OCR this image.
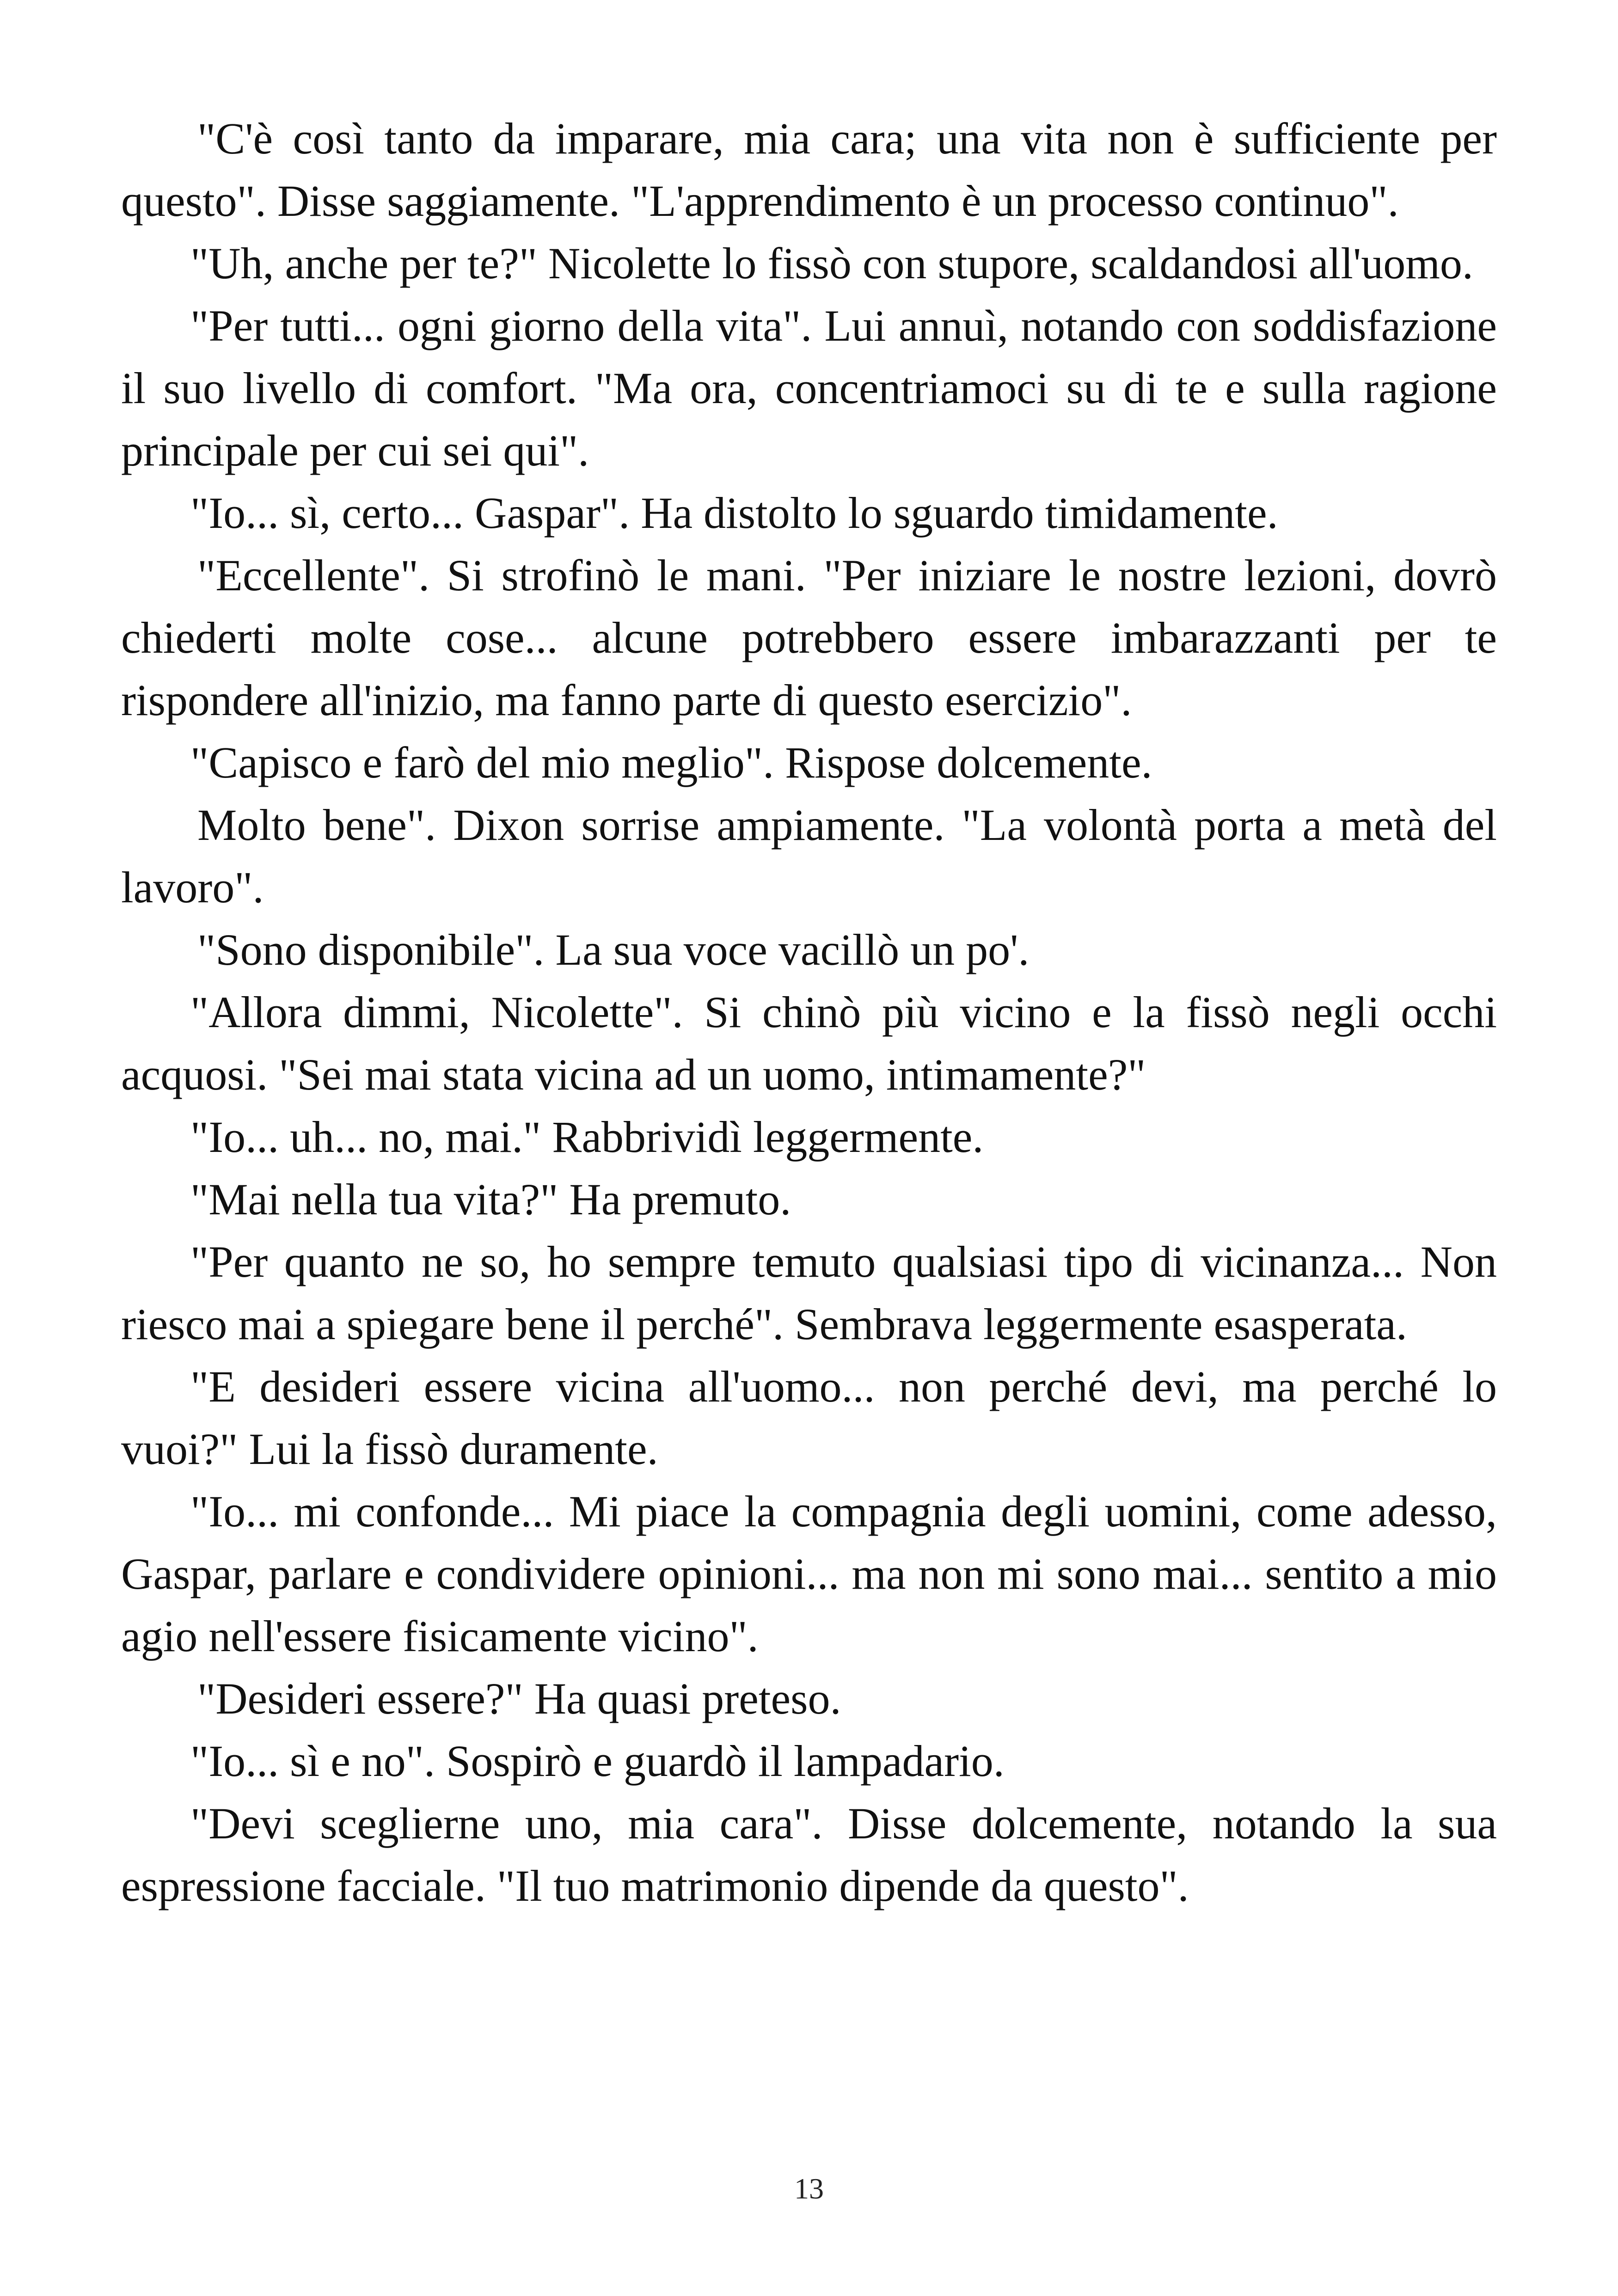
"C'è così tanto da imparare, mia cara; una vita non è sufficiente per questo". Disse saggiamente. "L'apprendimento è un processo continuo".

"Uh, anche per te?" Nicolette lo fissò con stupore, scaldandosi all'uomo.

"Per tutti... ogni giorno della vita". Lui annuì, notando con soddisfazione il suo livello di comfort. "Ma ora, concentriamoci su di te e sulla ragione principale per cui sei qui".

"Io... sì, certo... Gaspar". Ha distolto lo sguardo timidamente.

"Eccellente". Si strofinò le mani. "Per iniziare le nostre lezioni, dovrò chiederti molte cose... alcune potrebbero essere imbarazzanti per te rispondere all'inizio, ma fanno parte di questo esercizio".

"Capisco e farò del mio meglio". Rispose dolcemente.

Molto bene". Dixon sorrise ampiamente. "La volontà porta a metà del lavoro".

"Sono disponibile". La sua voce vacillò un po'.

"Allora dimmi, Nicolette". Si chinò più vicino e la fissò negli occhi acquosi. "Sei mai stata vicina ad un uomo, intimamente?"

"Io... uh... no, mai." Rabbrividì leggermente.

"Mai nella tua vita?" Ha premuto.

"Per quanto ne so, ho sempre temuto qualsiasi tipo di vicinanza... Non riesco mai a spiegare bene il perché". Sembrava leggermente esasperata.

"E desideri essere vicina all'uomo... non perché devi, ma perché lo vuoi?" Lui la fissò duramente.

"Io... mi confonde... Mi piace la compagnia degli uomini, come adesso, Gaspar, parlare e condividere opinioni... ma non mi sono mai... sentito a mio agio nell'essere fisicamente vicino".

"Desideri essere?" Ha quasi preteso.

"Io... sì e no". Sospirò e guardò il lampadario.

"Devi sceglierne uno, mia cara". Disse dolcemente, notando la sua espressione facciale. "Il tuo matrimonio dipende da questo".

13
